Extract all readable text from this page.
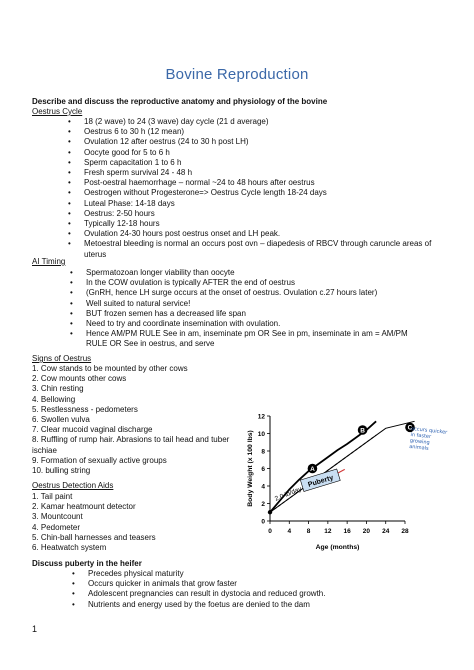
Bovine Reproduction
Describe and discuss the reproductive anatomy and physiology of the bovine
Oestrus Cycle
• 18 (2 wave) to 24 (3 wave) day cycle (21 d average)
• Oestrus 6 to 30 h (12 mean)
• Ovulation 12 after oestrus (24 to 30 h post LH)
• Oocyte good for 5 to 6 h
• Sperm capacitation 1 to 6 h
• Fresh sperm survival 24 - 48 h
• Post-oestral haemorrhage – normal ~24 to 48 hours after oestrus
• Oestrogen without Progesterone=> Oestrus Cycle length 18-24 days
• Luteal Phase: 14-18 days
• Oestrus: 2-50 hours
• Typically 12-18 hours
• Ovulation 24-30 hours post oestrus onset and LH peak.
• Metoestral bleeding is normal an occurs post ovn – diapedesis of RBCV through caruncle areas of uterus
AI Timing
• Spermatozoan longer viability than oocyte
• In the COW ovulation is typically AFTER the end of oestrus
• (GnRH, hence LH surge occurs at the onset of oestrus. Ovulation c.27 hours later)
• Well suited to natural service!
• BUT frozen semen has a decreased life span
• Need to try and coordinate insemination with ovulation.
• Hence AM/PM RULE See in am, inseminate pm OR See in pm, inseminate in am = AM/PM RULE OR See in oestrus, and serve
Signs of Oestrus
1. Cow stands to be mounted by other cows
2. Cow mounts other cows
3. Chin resting
4. Bellowing
5. Restlessness - pedometers
6. Swollen vulva
7. Clear mucoid vaginal discharge
8. Ruffling of rump hair. Abrasions to tail head and tuber ischiae
9. Formation of sexually active groups
10. bulling string
Oestrus Detection Aids
1. Tail paint
2. Kamar heatmount detector
3. Mountcount
4. Pedometer
5. Chin-ball harnesses and teasers
6. Heatwatch system
Discuss puberty in the heifer
• Precedes physical maturity
• Occurs quicker in animals that grow faster
• Adolescent pregnancies can result in dystocia and reduced growth.
• Nutrients and energy used by the foetus are denied to the dam
Age (months)
Body Weight (x 100 lbs)
0 4 8 12 16 20 24 28
0
2
4
6
8
10
12
Puberty
2.0 lb/day
A
B	C
occurs quicker in faster growing animals
1
